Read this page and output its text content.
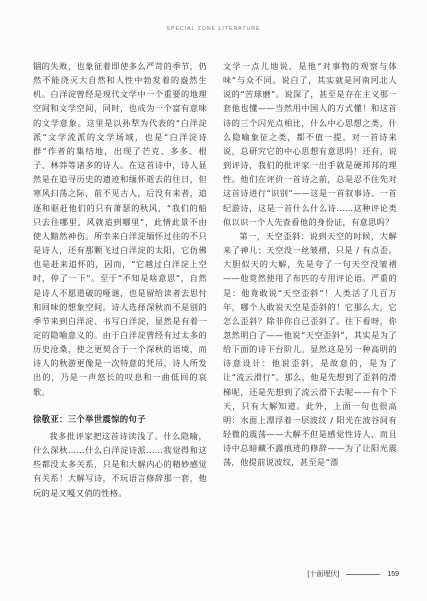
SPECIAL ZONE LITERATURE

锢的失败，也象征着即使多么严苛的季节，仍然不能浇灭大自然和人性中勃发着的盎然生机。白洋淀曾经是现代文学中一个重要的地理空间和文学空间，同时，也成为一个富有意味的文学意象。这里是以孙犁为代表的“白洋淀派”文学流派的文学场域，也是“白洋淀诗群”作者的集结地，出现了芒克、多多、根子、林莽等诸多的诗人。在这首诗中，诗人显然是在追寻历史的遗迹和缅怀逝去的往日，但寒风扫荡之际，前不见古人，后没有来者，追逐和驱赶他们的只有萧瑟的秋风，“我们的船只去往哪里，风就追到哪里”，此情此景不由使人黯然神伤。所幸来白洋淀缅怀过往的不只是诗人，还有那颗飞过白洋淀的太阳，它仿佛也是赶来追怀的，因而，“它越过白洋淀上空时，停了一下”。至于“不知是啥意思”，自然是诗人不愿道破的哑谜，也是留给读者去思忖和回味的想象空间。诗人选择深秋而不是别的季节来到白洋淀、书写白洋淀，显然是有着一定的隐喻意义的。由于白洋淀曾经有过太多的历史沧桑，使之更契合于一个深秋的语境，而诗人的秋游更像是一次特意的凭吊，诗人所发出的，乃是一声悠长的叹息和一曲低回的哀歌。

徐敬亚：三个举世震惊的句子

我多批评家把这首诗读浅了。什么隐喻，什么深秋……什么白洋淀诗派……我觉得和这些都没太多关系，只是和大解内心的精妙感觉有关系！大解写诗，不玩语言修辞那一套，他玩的是又嘎又俏的性格。

文学一点儿地说，是他“对事物的观察与体味”与众不同。说白了，其实就是河南河北人说的“苦球磨”。说深了，甚至是存在主义那一套他也懂——当然用中国人的方式懂！和这首诗的三个闪光点相比，什么中心思想之类，什么隐喻象征之类，都不值一提。对一首诗来说，总研究它的中心思想有意思吗！还有，说到评诗，我们的批评家一出手就是硬邦邦的理性。他们在评价一首诗之前，总是忍不住先对这首诗进行“识别”——这是一首叙事诗、一首纪游诗，这是一首什么什么诗……这种评论类似以识一个人先查看他的身份证，有意思吗？

第一，天空歪斜：说到天空的时候，大解来了神儿：天空没一丝皱褶，只是 / 有点歪。大胆似天的大解，先是夸了一句天空没皱褶——他竟然使用了布匹的专用评论语。严重的是：他竟敢说“天空歪斜”！人类活了几百万年，哪个人敢说天空是歪斜的！它那么大，它怎么歪斜？除非你自己歪斜了。往下看呀，你忽然明白了——他说“天空歪斜”，其实是为了给下面的诗下台阶儿。显然这是另一种高明的诗意设计：他说歪斜，是故意的，是为了让“流云滑行”。那么，他是先想到了歪斜的滑梯呢，还是先想到了流云滑下去呢——有个下天，只有大解知道。此外，上面一句也很高明：水面上漂浮着一层波纹 / 阳光在波谷间有轻微的震荡——大解不但是感觉性诗人，而且诗中总暗藏不露痕迹的修辞——为了让阳光震荡，他提前说波纹，甚至是“漂

[十面埋伏]	159
